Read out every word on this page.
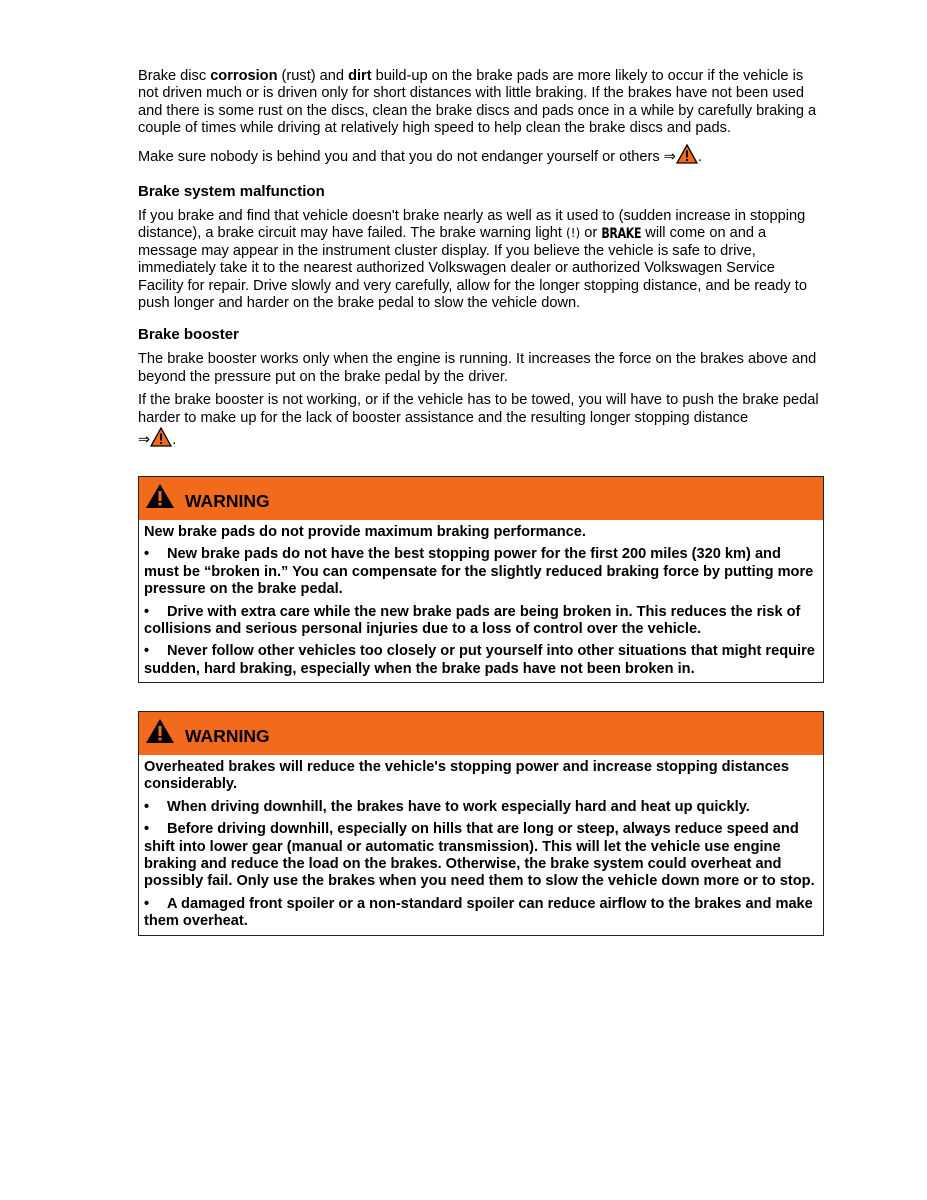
Brake disc corrosion (rust) and dirt build-up on the brake pads are more likely to occur if the vehicle is not driven much or is driven only for short distances with little braking. If the brakes have not been used and there is some rust on the discs, clean the brake discs and pads once in a while by carefully braking a couple of times while driving at relatively high speed to help clean the brake discs and pads.

Make sure nobody is behind you and that you do not endanger yourself or others ⇒ .

Brake system malfunction

If you brake and find that vehicle doesn't brake nearly as well as it used to (sudden increase in stopping distance), a brake circuit may have failed. The brake warning light (!) or BRAKE will come on and a message may appear in the instrument cluster display. If you believe the vehicle is safe to drive, immediately take it to the nearest authorized Volkswagen dealer or authorized Volkswagen Service Facility for repair. Drive slowly and very carefully, allow for the longer stopping distance, and be ready to push longer and harder on the brake pedal to slow the vehicle down.

Brake booster

The brake booster works only when the engine is running. It increases the force on the brakes above and beyond the pressure put on the brake pedal by the driver.

If the brake booster is not working, or if the vehicle has to be towed, you will have to push the brake pedal harder to make up for the lack of booster assistance and the resulting longer stopping distance
⇒ .

WARNING

New brake pads do not provide maximum braking performance.

• New brake pads do not have the best stopping power for the first 200 miles (320 km) and must be “broken in.” You can compensate for the slightly reduced braking force by putting more pressure on the brake pedal.

• Drive with extra care while the new brake pads are being broken in. This reduces the risk of collisions and serious personal injuries due to a loss of control over the vehicle.

• Never follow other vehicles too closely or put yourself into other situations that might require sudden, hard braking, especially when the brake pads have not been broken in.

WARNING

Overheated brakes will reduce the vehicle's stopping power and increase stopping distances considerably.

• When driving downhill, the brakes have to work especially hard and heat up quickly.

• Before driving downhill, especially on hills that are long or steep, always reduce speed and shift into lower gear (manual or automatic transmission). This will let the vehicle use engine braking and reduce the load on the brakes. Otherwise, the brake system could overheat and possibly fail. Only use the brakes when you need them to slow the vehicle down more or to stop.

• A damaged front spoiler or a non-standard spoiler can reduce airflow to the brakes and make them overheat.
